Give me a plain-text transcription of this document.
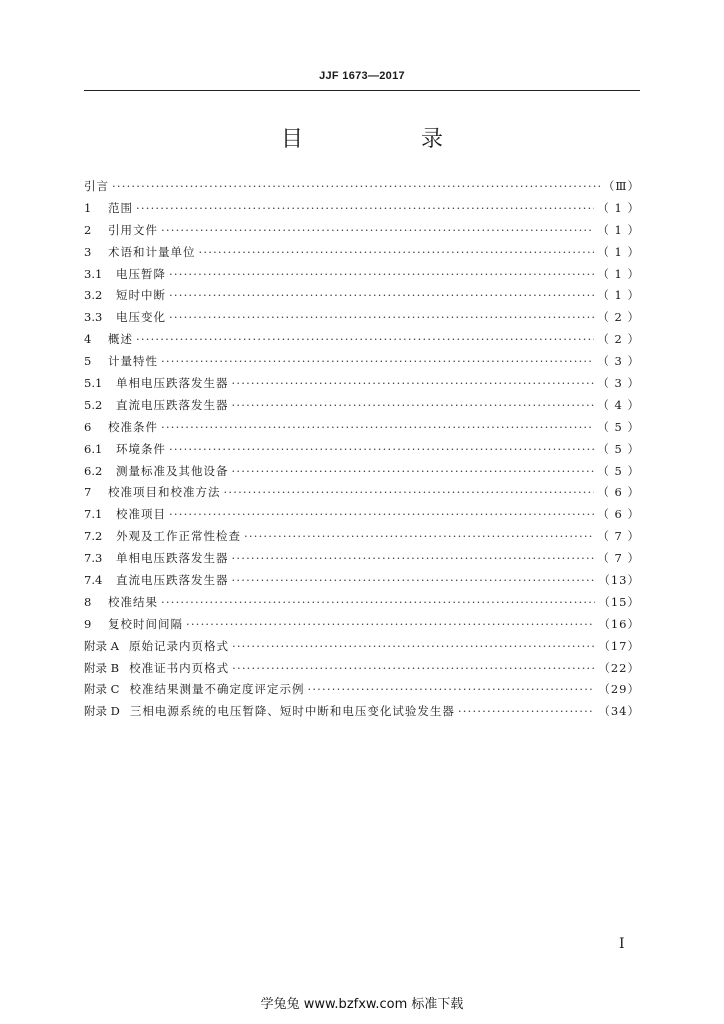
JJF 1673—2017
目　录
引言 ·····	（Ⅲ）
1	范围 ·····	（ 1 ）
2	引用文件 ·····	（ 1 ）
3	术语和计量单位 ·····	（ 1 ）
3.1	电压暂降 ·····	（ 1 ）
3.2	短时中断 ·····	（ 1 ）
3.3	电压变化 ·····	（ 2 ）
4	概述 ·····	（ 2 ）
5	计量特性 ·····	（ 3 ）
5.1	单相电压跌落发生器 ·····	（ 3 ）
5.2	直流电压跌落发生器 ·····	（ 4 ）
6	校准条件 ·····	（ 5 ）
6.1	环境条件 ·····	（ 5 ）
6.2	测量标准及其他设备 ·····	（ 5 ）
7	校准项目和校准方法 ·····	（ 6 ）
7.1	校准项目 ·····	（ 6 ）
7.2	外观及工作正常性检查 ·····	（ 7 ）
7.3	单相电压跌落发生器 ·····	（ 7 ）
7.4	直流电压跌落发生器 ·····	（13）
8	校准结果 ·····	（15）
9	复校时间间隔 ·····	（16）
附录 A 原始记录内页格式 ·····	（17）
附录 B 校准证书内页格式 ·····	（22）
附录 C 校准结果测量不确定度评定示例 ·····	（29）
附录 D 三相电源系统的电压暂降、短时中断和电压变化试验发生器 ·····	（34）
I
学兔兔 www.bzfxw.com 标准下载
